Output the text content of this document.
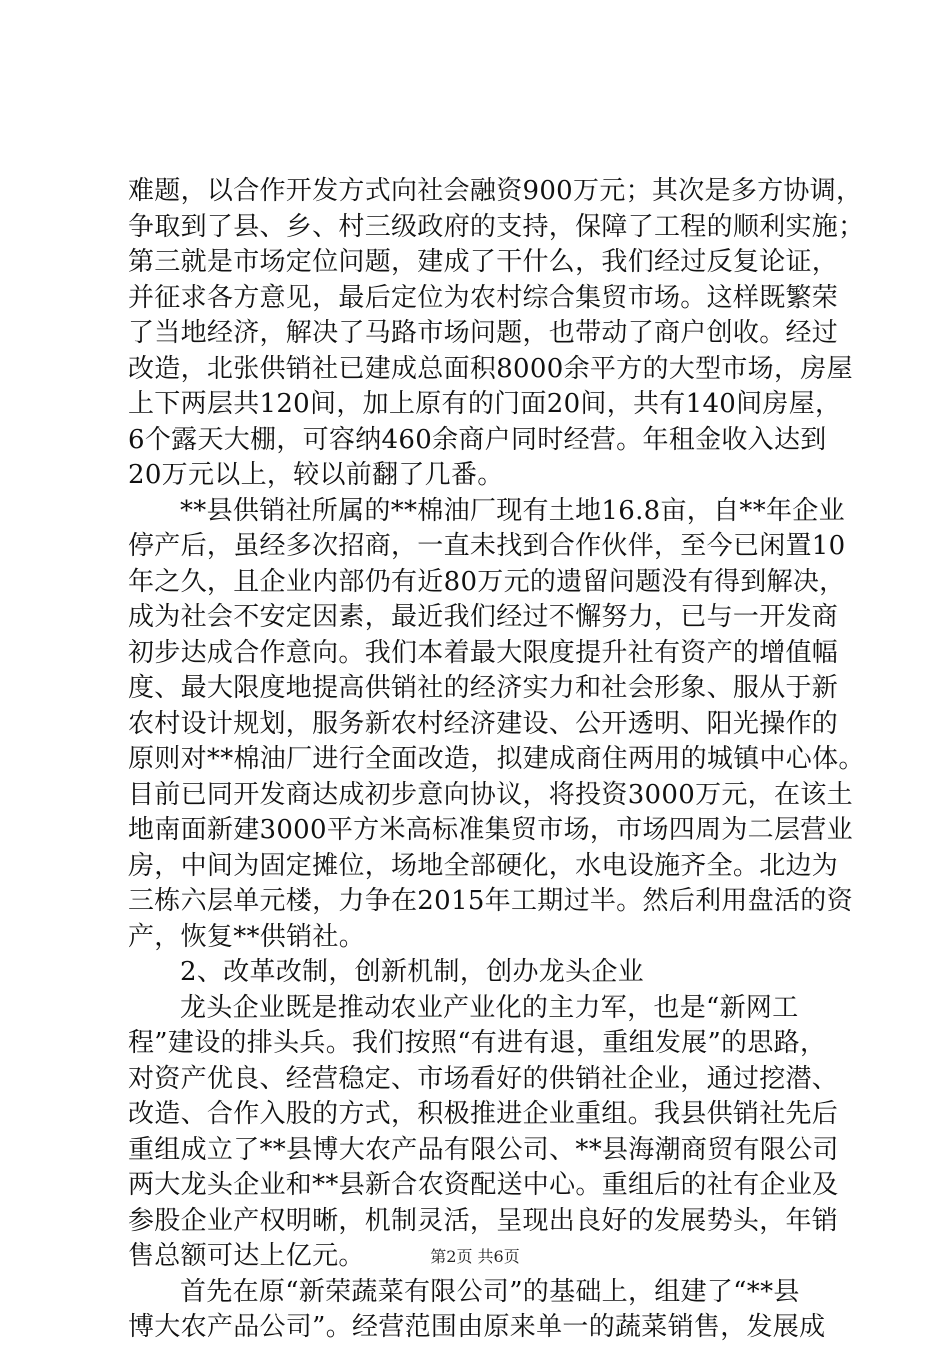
难题，以合作开发方式向社会融资900万元；其次是多方协调，
争取到了县、乡、村三级政府的支持，保障了工程的顺利实施；
第三就是市场定位问题，建成了干什么，我们经过反复论证，
并征求各方意见，最后定位为农村综合集贸市场。这样既繁荣
了当地经济，解决了马路市场问题，也带动了商户创收。经过
改造，北张供销社已建成总面积8000余平方的大型市场，房屋
上下两层共120间，加上原有的门面20间，共有140间房屋，
6个露天大棚，可容纳460余商户同时经营。年租金收入达到
20万元以上，较以前翻了几番。
**县供销社所属的**棉油厂现有土地16.8亩，自**年企业
停产后，虽经多次招商，一直未找到合作伙伴，至今已闲置10
年之久，且企业内部仍有近80万元的遗留问题没有得到解决，
成为社会不安定因素，最近我们经过不懈努力，已与一开发商
初步达成合作意向。我们本着最大限度提升社有资产的增值幅
度、最大限度地提高供销社的经济实力和社会形象、服从于新
农村设计规划，服务新农村经济建设、公开透明、阳光操作的
原则对**棉油厂进行全面改造，拟建成商住两用的城镇中心体。
目前已同开发商达成初步意向协议，将投资3000万元，在该土
地南面新建3000平方米高标准集贸市场，市场四周为二层营业
房，中间为固定摊位，场地全部硬化，水电设施齐全。北边为
三栋六层单元楼，力争在2015年工期过半。然后利用盘活的资
产，恢复**供销社。
2、改革改制，创新机制，创办龙头企业
龙头企业既是推动农业产业化的主力军，也是“新网工
程”建设的排头兵。我们按照“有进有退，重组发展”的思路，
对资产优良、经营稳定、市场看好的供销社企业，通过挖潜、
改造、合作入股的方式，积极推进企业重组。我县供销社先后
重组成立了**县博大农产品有限公司、**县海潮商贸有限公司
两大龙头企业和**县新合农资配送中心。重组后的社有企业及
参股企业产权明晰，机制灵活，呈现出良好的发展势头，年销
售总额可达上亿元。
首先在原“新荣蔬菜有限公司”的基础上，组建了“**县
博大农产品公司”。经营范围由原来单一的蔬菜销售，发展成
第2页 共6页
